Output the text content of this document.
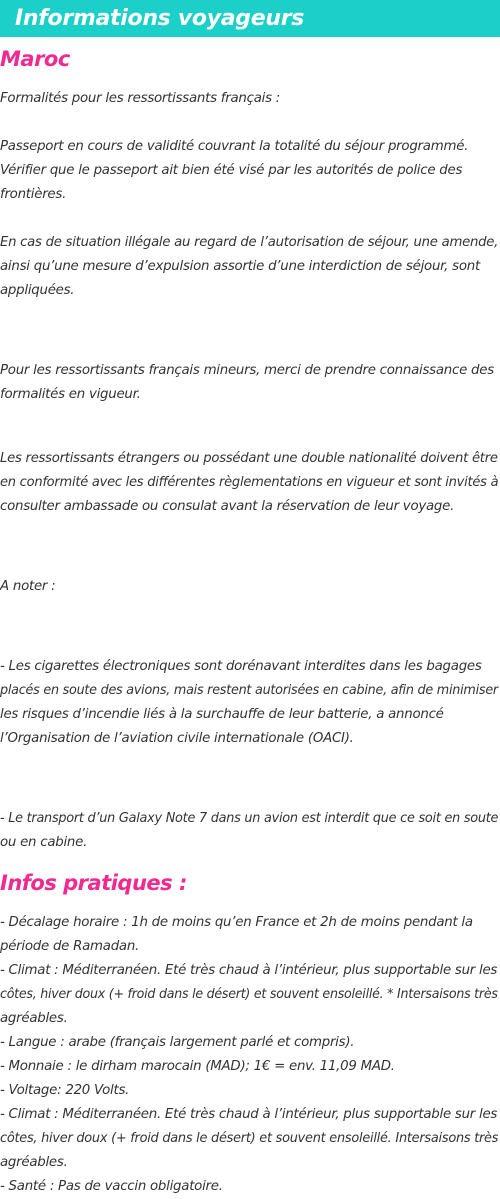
Informations voyageurs
Maroc

Formalités pour les ressortissants français :

Passeport en cours de validité couvrant la totalité du séjour programmé.
Vérifier que le passeport ait bien été visé par les autorités de police des
frontières.

En cas de situation illégale au regard de l’autorisation de séjour, une amende,
ainsi qu’une mesure d’expulsion assortie d’une interdiction de séjour, sont
appliquées.

Pour les ressortissants français mineurs, merci de prendre connaissance des
formalités en vigueur.

Les ressortissants étrangers ou possédant une double nationalité doivent être
en conformité avec les différentes règlementations en vigueur et sont invités à
consulter ambassade ou consulat avant la réservation de leur voyage.

A noter :

- Les cigarettes électroniques sont dorénavant interdites dans les bagages
placés en soute des avions, mais restent autorisées en cabine, afin de minimiser
les risques d’incendie liés à la surchauffe de leur batterie, a annoncé
l’Organisation de l’aviation civile internationale (OACI).

- Le transport d’un Galaxy Note 7 dans un avion est interdit que ce soit en soute
ou en cabine.

Infos pratiques :

- Décalage horaire : 1h de moins qu’en France et 2h de moins pendant la
période de Ramadan.
- Climat : Méditerranéen. Eté très chaud à l’intérieur, plus supportable sur les
côtes, hiver doux (+ froid dans le désert) et souvent ensoleillé. * Intersaisons très
agréables.
- Langue : arabe (français largement parlé et compris).
- Monnaie : le dirham marocain (MAD); 1€ = env. 11,09 MAD.
- Voltage: 220 Volts.
- Climat : Méditerranéen. Eté très chaud à l’intérieur, plus supportable sur les
côtes, hiver doux (+ froid dans le désert) et souvent ensoleillé. Intersaisons très
agréables.
- Santé : Pas de vaccin obligatoire.
